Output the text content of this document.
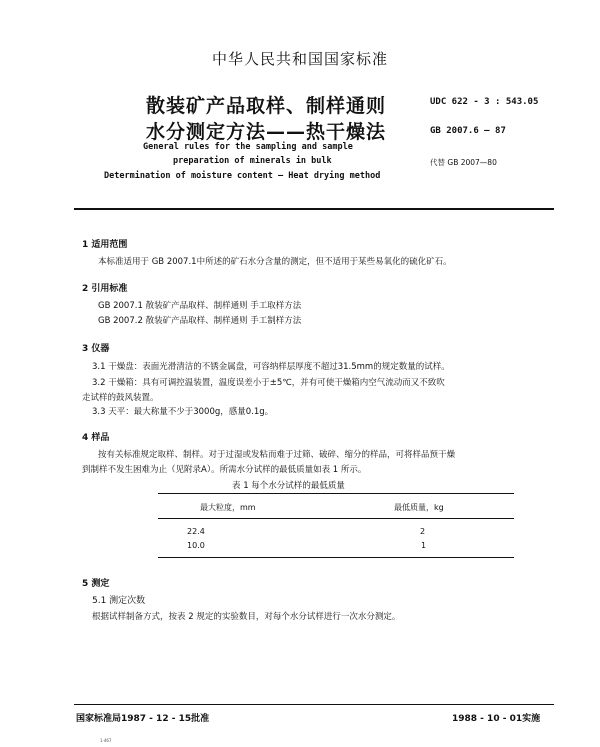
中华人民共和国国家标准
散装矿产品取样、制样通则
水分测定方法——热干燥法
UDC 622 - 3 : 543.05
GB 2007.6 — 87
代替 GB 2007—80
General rules for the sampling and sample
preparation of minerals in bulk
Determination of moisture content — Heat drying method
1 适用范围
本标准适用于 GB 2007.1中所述的矿石水分含量的测定，但不适用于某些易氧化的硫化矿石。
2 引用标准
GB 2007.1 散装矿产品取样、制样通则 手工取样方法
GB 2007.2 散装矿产品取样、制样通则 手工制样方法
3 仪器
3.1 干燥盘：表面光滑清洁的不锈金属盘，可容纳样层厚度不超过31.5mm的规定数量的试样。
3.2 干燥箱：具有可调控温装置，温度误差小于±5℃，并有可使干燥箱内空气流动而又不致吹
走试样的鼓风装置。
3.3 天平：最大称量不少于3000g，感量0.1g。
4 样品
按有关标准规定取样、制样。对于过湿或发粘而难于过筛、破碎、缩分的样品，可将样品预干燥
到制样不发生困难为止（见附录A）。所需水分试样的最低质量如表 1 所示。
表 1 每个水分试样的最低质量
最大粒度，mm	最低质量，kg
22.4	2
10.0	1
5 测定
5.1 测定次数
根据试样制备方式，按表 2 规定的实验数目，对每个水分试样进行一次水分测定。
国家标准局1987 - 12 - 15批准	1988 - 10 - 01实施
1·467
